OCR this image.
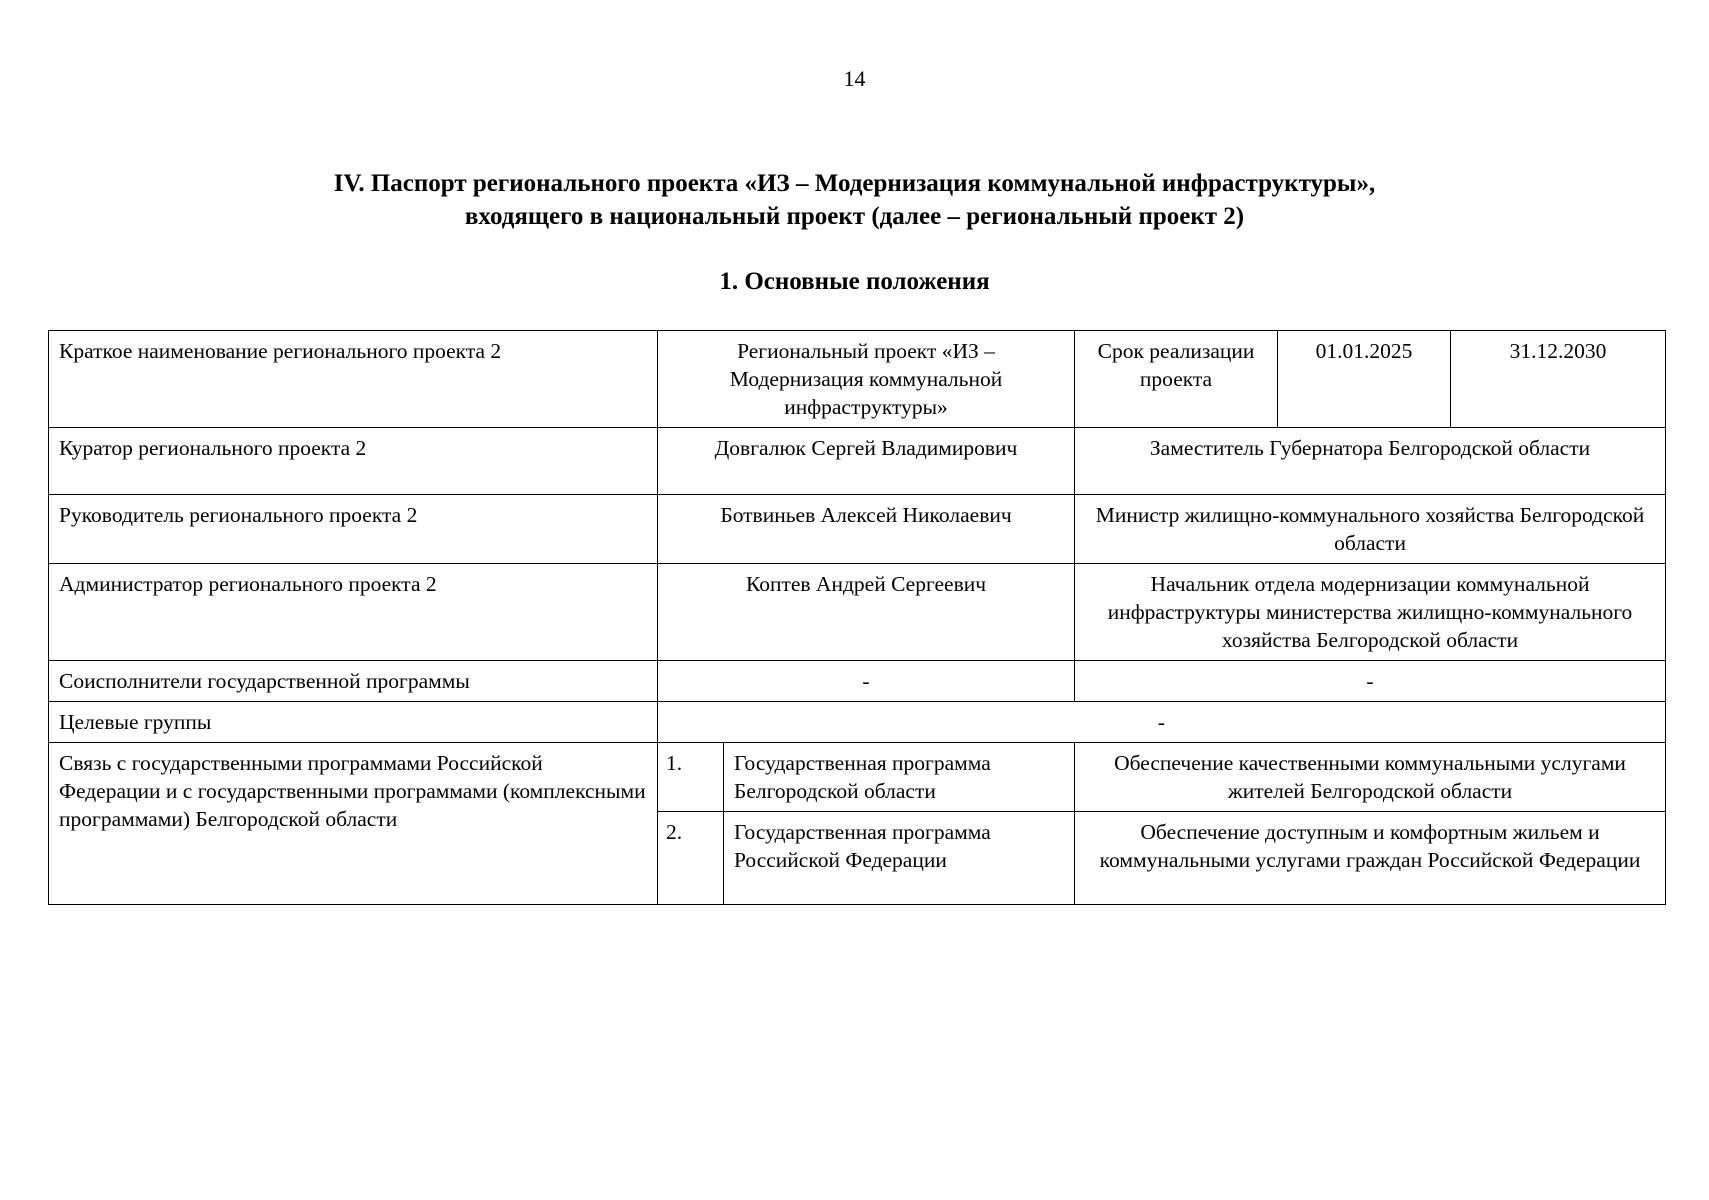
14
IV. Паспорт регионального проекта «ИЗ – Модернизация коммунальной инфраструктуры»,
входящего в национальный проект (далее – региональный проект 2)
1. Основные положения
Краткое наименование регионального проекта 2	Региональный проект «ИЗ – Модернизация коммунальной инфраструктуры»		Срок реализации проекта	01.01.2025	31.12.2030
Куратор регионального проекта 2	Довгалюк Сергей Владимирович		Заместитель Губернатора Белгородской области		
Руководитель регионального проекта 2	Ботвиньев Алексей Николаевич		Министр жилищно-коммунального хозяйства Белгородской области		
Администратор регионального проекта 2	Коптев Андрей Сергеевич		Начальник отдела модернизации коммунальной инфраструктуры министерства жилищно-коммунального хозяйства Белгородской области		
Соисполнители государственной программы	-		-		
Целевые группы	-				
Связь с государственными программами Российской Федерации и с государственными программами (комплексными программами) Белгородской области	1.	Государственная программа Белгородской области	Обеспечение качественными коммунальными услугами жителей Белгородской области		
	2.	Государственная программа Российской Федерации	Обеспечение доступным и комфортным жильем и коммунальными услугами граждан Российской Федерации		
